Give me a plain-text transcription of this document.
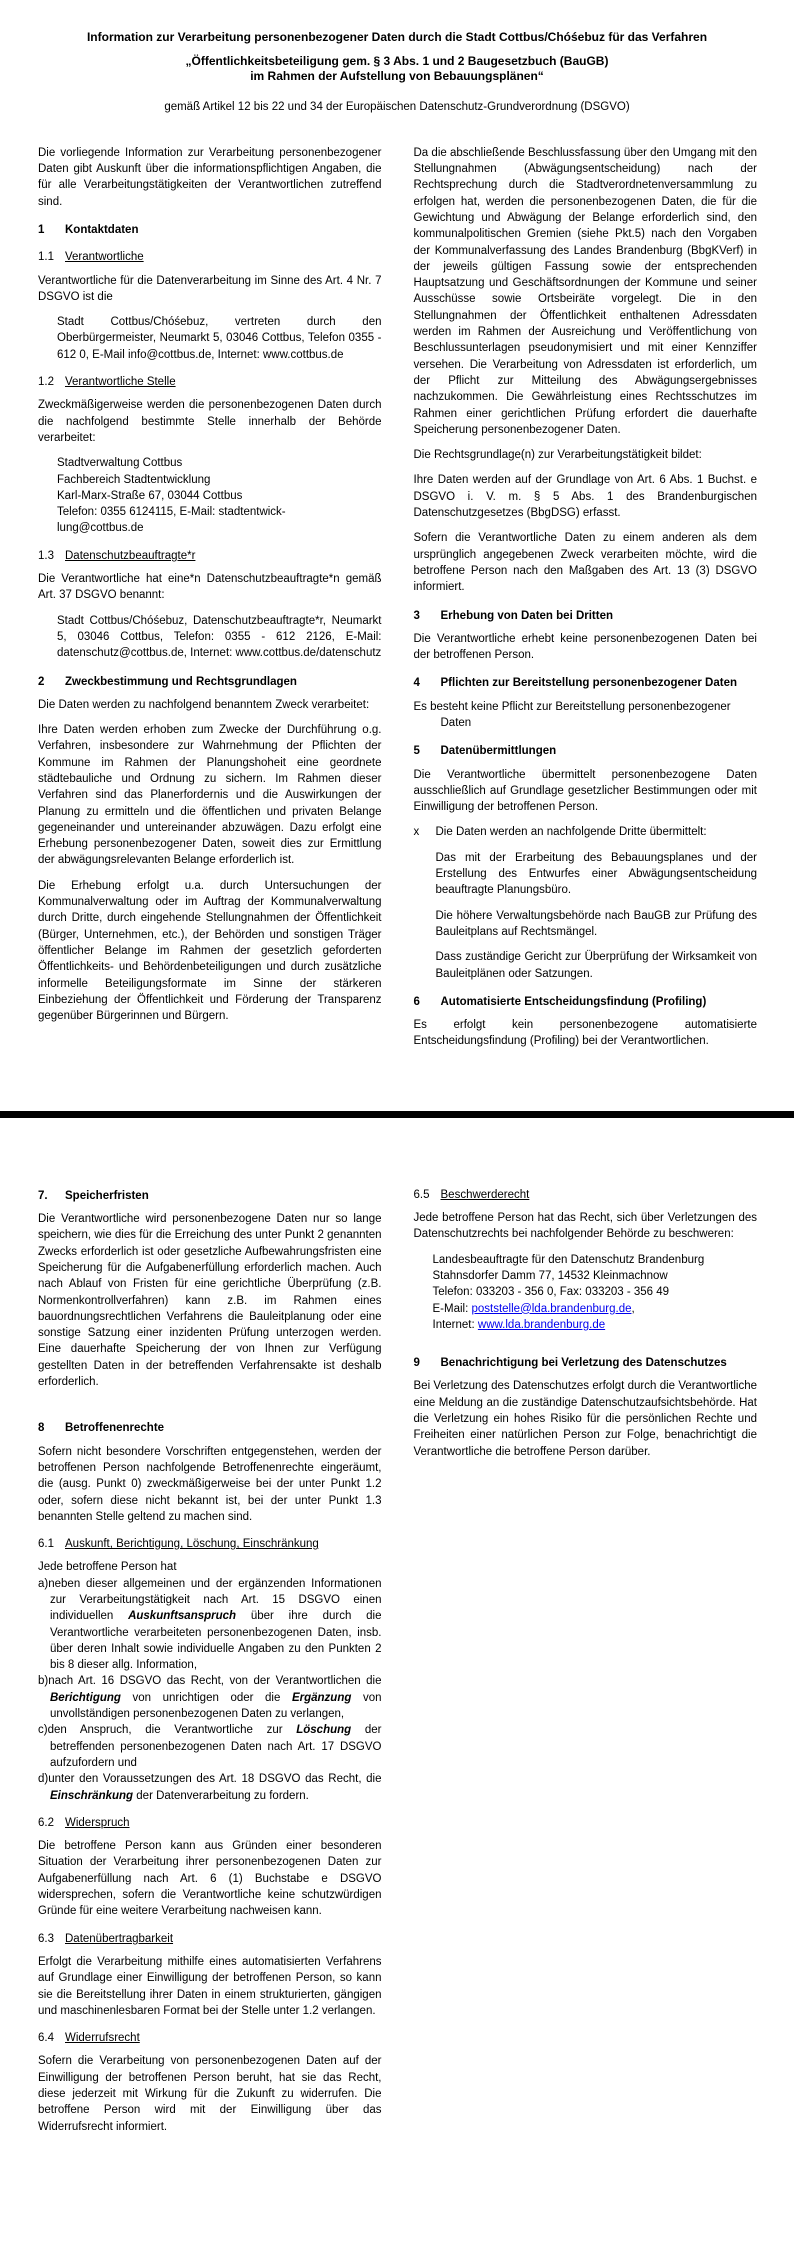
Information zur Verarbeitung personenbezogener Daten durch die Stadt Cottbus/Chóśebuz für das Verfahren
„Öffentlichkeitsbeteiligung gem. § 3 Abs. 1 und 2 Baugesetzbuch (BauGB)
im Rahmen der Aufstellung von Bebauungsplänen“
gemäß Artikel 12 bis 22 und 34 der Europäischen Datenschutz-Grundverordnung (DSGVO)

Die vorliegende Information zur Verarbeitung personenbezogener Daten gibt Auskunft über die informationspflichtigen Angaben, die für alle Verarbeitungstätigkeiten der Verantwortlichen zutreffend sind.

1	Kontaktdaten
1.1 Verantwortliche

Verantwortliche für die Datenverarbeitung im Sinne des Art. 4 Nr. 7 DSGVO ist die

Stadt Cottbus/Chóśebuz, vertreten durch den Oberbürgermeister, Neumarkt 5, 03046 Cottbus, Telefon 0355 - 612 0, E-Mail info@cottbus.de, Internet: www.cottbus.de

1.2 Verantwortliche Stelle

Zweckmäßigerweise werden die personenbezogenen Daten durch die nachfolgend bestimmte Stelle innerhalb der Behörde verarbeitet:

Stadtverwaltung Cottbus
Fachbereich Stadtentwicklung
Karl-Marx-Straße 67, 03044 Cottbus
Telefon: 0355 6124115, E-Mail: stadtentwick-
lung@cottbus.de
1.3 Datenschutzbeauftragte*r

Die Verantwortliche hat eine*n Datenschutzbeauftragte*n gemäß Art. 37 DSGVO benannt:

Stadt Cottbus/Chóśebuz, Datenschutzbeauftragte*r, Neumarkt 5, 03046 Cottbus, Telefon: 0355 - 612 2126, E-Mail: datenschutz@cottbus.de, Internet: www.cottbus.de/datenschutz

2	Zweckbestimmung und Rechtsgrundlagen

Die Daten werden zu nachfolgend benanntem Zweck verarbeitet:

Ihre Daten werden erhoben zum Zwecke der Durchführung o.g. Verfahren, insbesondere zur Wahrnehmung der Pflichten der Kommune im Rahmen der Planungshoheit eine geordnete städtebauliche und Ordnung zu sichern. Im Rahmen dieser Verfahren sind das Planerfordernis und die Auswirkungen der Planung zu ermitteln und die öffentlichen und privaten Belange gegeneinander und untereinander abzuwägen. Dazu erfolgt eine Erhebung personenbezogener Daten, soweit dies zur Ermittlung der abwägungsrelevanten Belange erforderlich ist.

Die Erhebung erfolgt u.a. durch Untersuchungen der Kommunalverwaltung oder im Auftrag der Kommunalverwaltung durch Dritte, durch eingehende Stellungnahmen der Öffentlichkeit (Bürger, Unternehmen, etc.), der Behörden und sonstigen Träger öffentlicher Belange im Rahmen der gesetzlich geforderten Öffentlichkeits- und Behördenbeteiligungen und durch zusätzliche informelle Beteiligungsformate im Sinne der stärkeren Einbeziehung der Öffentlichkeit und Förderung der Transparenz gegenüber Bürgerinnen und Bürgern.

Da die abschließende Beschlussfassung über den Umgang mit den Stellungnahmen (Abwägungsentscheidung) nach der Rechtsprechung durch die Stadtverordnetenversammlung zu erfolgen hat, werden die personenbezogenen Daten, die für die Gewichtung und Abwägung der Belange erforderlich sind, den kommunalpolitischen Gremien (siehe Pkt.5) nach den Vorgaben der Kommunalverfassung des Landes Brandenburg (BbgKVerf) in der jeweils gültigen Fassung sowie der entsprechenden Hauptsatzung und Geschäftsordnungen der Kommune und seiner Ausschüsse sowie Ortsbeiräte vorgelegt. Die in den Stellungnahmen der Öffentlichkeit enthaltenen Adressdaten werden im Rahmen der Ausreichung und Veröffentlichung von Beschlussunterlagen pseudonymisiert und mit einer Kennziffer versehen. Die Verarbeitung von Adressdaten ist erforderlich, um der Pflicht zur Mitteilung des Abwägungsergebnisses nachzukommen. Die Gewährleistung eines Rechtsschutzes im Rahmen einer gerichtlichen Prüfung erfordert die dauerhafte Speicherung personenbezogener Daten.

Die Rechtsgrundlage(n) zur Verarbeitungstätigkeit bildet:

Ihre Daten werden auf der Grundlage von Art. 6 Abs. 1 Buchst. e DSGVO i. V. m. § 5 Abs. 1 des Brandenburgischen Datenschutzgesetzes (BbgDSG) erfasst.

Sofern die Verantwortliche Daten zu einem anderen als dem ursprünglich angegebenen Zweck verarbeiten möchte, wird die betroffene Person nach den Maßgaben des Art. 13 (3) DSGVO informiert.

3	Erhebung von Daten bei Dritten

Die Verantwortliche erhebt keine personenbezogenen Daten bei der betroffenen Person.

4	Pflichten zur Bereitstellung personenbezogener Daten

Es besteht keine Pflicht zur Bereitstellung personenbezogener Daten

5	Datenübermittlungen

Die Verantwortliche übermittelt personenbezogene Daten ausschließlich auf Grundlage gesetzlicher Bestimmungen oder mit Einwilligung der betroffenen Person.

x	Die Daten werden an nachfolgende Dritte übermittelt:

Das mit der Erarbeitung des Bebauungsplanes und der Erstellung des Entwurfes einer Abwägungsentscheidung beauftragte Planungsbüro.

Die höhere Verwaltungsbehörde nach BauGB zur Prüfung des Bauleitplans auf Rechtsmängel.

Dass zuständige Gericht zur Überprüfung der Wirksamkeit von Bauleitplänen oder Satzungen.

6	Automatisierte Entscheidungsfindung (Profiling)

Es erfolgt kein personenbezogene automatisierte Entscheidungsfindung (Profiling) bei der Verantwortlichen.

7.	Speicherfristen

Die Verantwortliche wird personenbezogene Daten nur so lange speichern, wie dies für die Erreichung des unter Punkt 2 genannten Zwecks erforderlich ist oder gesetzliche Aufbewahrungsfristen eine Speicherung für die Aufgabenerfüllung erforderlich machen. Auch nach Ablauf von Fristen für eine gerichtliche Überprüfung (z.B. Normenkontrollverfahren) kann z.B. im Rahmen eines bauordnungsrechtlichen Verfahrens die Bauleitplanung oder eine sonstige Satzung einer inzidenten Prüfung unterzogen werden. Eine dauerhafte Speicherung der von Ihnen zur Verfügung gestellten Daten in der betreffenden Verfahrensakte ist deshalb erforderlich.

8	Betroffenenrechte

Sofern nicht besondere Vorschriften entgegenstehen, werden der betroffenen Person nachfolgende Betroffenenrechte eingeräumt, die (ausg. Punkt 0) zweckmäßigerweise bei der unter Punkt 1.2 oder, sofern diese nicht bekannt ist, bei der unter Punkt 1.3 benannten Stelle geltend zu machen sind.

6.1 Auskunft, Berichtigung, Löschung, Einschränkung

Jede betroffene Person hat

a)neben dieser allgemeinen und der ergänzenden Informationen zur Verarbeitungstätigkeit nach Art. 15 DSGVO einen individuellen Auskunftsanspruch über ihre durch die Verantwortliche verarbeiteten personenbezogenen Daten, insb. über deren Inhalt sowie individuelle Angaben zu den Punkten 2 bis 8 dieser allg. Information,

b)nach Art. 16 DSGVO das Recht, von der Verantwortlichen die Berichtigung von unrichtigen oder die Ergänzung von unvollständigen personenbezogenen Daten zu verlangen,

c)den Anspruch, die Verantwortliche zur Löschung der betreffenden personenbezogenen Daten nach Art. 17 DSGVO aufzufordern und

d)unter den Voraussetzungen des Art. 18 DSGVO das Recht, die Einschränkung der Datenverarbeitung zu fordern.

6.2 Widerspruch

Die betroffene Person kann aus Gründen einer besonderen Situation der Verarbeitung ihrer personenbezogenen Daten zur Aufgabenerfüllung nach Art. 6 (1) Buchstabe e DSGVO widersprechen, sofern die Verantwortliche keine schutzwürdigen Gründe für eine weitere Verarbeitung nachweisen kann.

6.3 Datenübertragbarkeit

Erfolgt die Verarbeitung mithilfe eines automatisierten Verfahrens auf Grundlage einer Einwilligung der betroffenen Person, so kann sie die Bereitstellung ihrer Daten in einem strukturierten, gängigen und maschinenlesbaren Format bei der Stelle unter 1.2 verlangen.

6.4 Widerrufsrecht

Sofern die Verarbeitung von personenbezogenen Daten auf der Einwilligung der betroffenen Person beruht, hat sie das Recht, diese jederzeit mit Wirkung für die Zukunft zu widerrufen. Die betroffene Person wird mit der Einwilligung über das Widerrufsrecht informiert.

6.5 Beschwerderecht

Jede betroffene Person hat das Recht, sich über Verletzungen des Datenschutzrechts bei nachfolgender Behörde zu beschweren:

Landesbeauftragte für den Datenschutz Brandenburg
Stahnsdorfer Damm 77, 14532 Kleinmachnow
Telefon: 033203 - 356 0, Fax: 033203 - 356 49
E-Mail: poststelle@lda.brandenburg.de,
Internet: www.lda.brandenburg.de
9	Benachrichtigung bei Verletzung des Datenschutzes

Bei Verletzung des Datenschutzes erfolgt durch die Verantwortliche eine Meldung an die zuständige Datenschutzaufsichtsbehörde. Hat die Verletzung ein hohes Risiko für die persönlichen Rechte und Freiheiten einer natürlichen Person zur Folge, benachrichtigt die Verantwortliche die betroffene Person darüber.
